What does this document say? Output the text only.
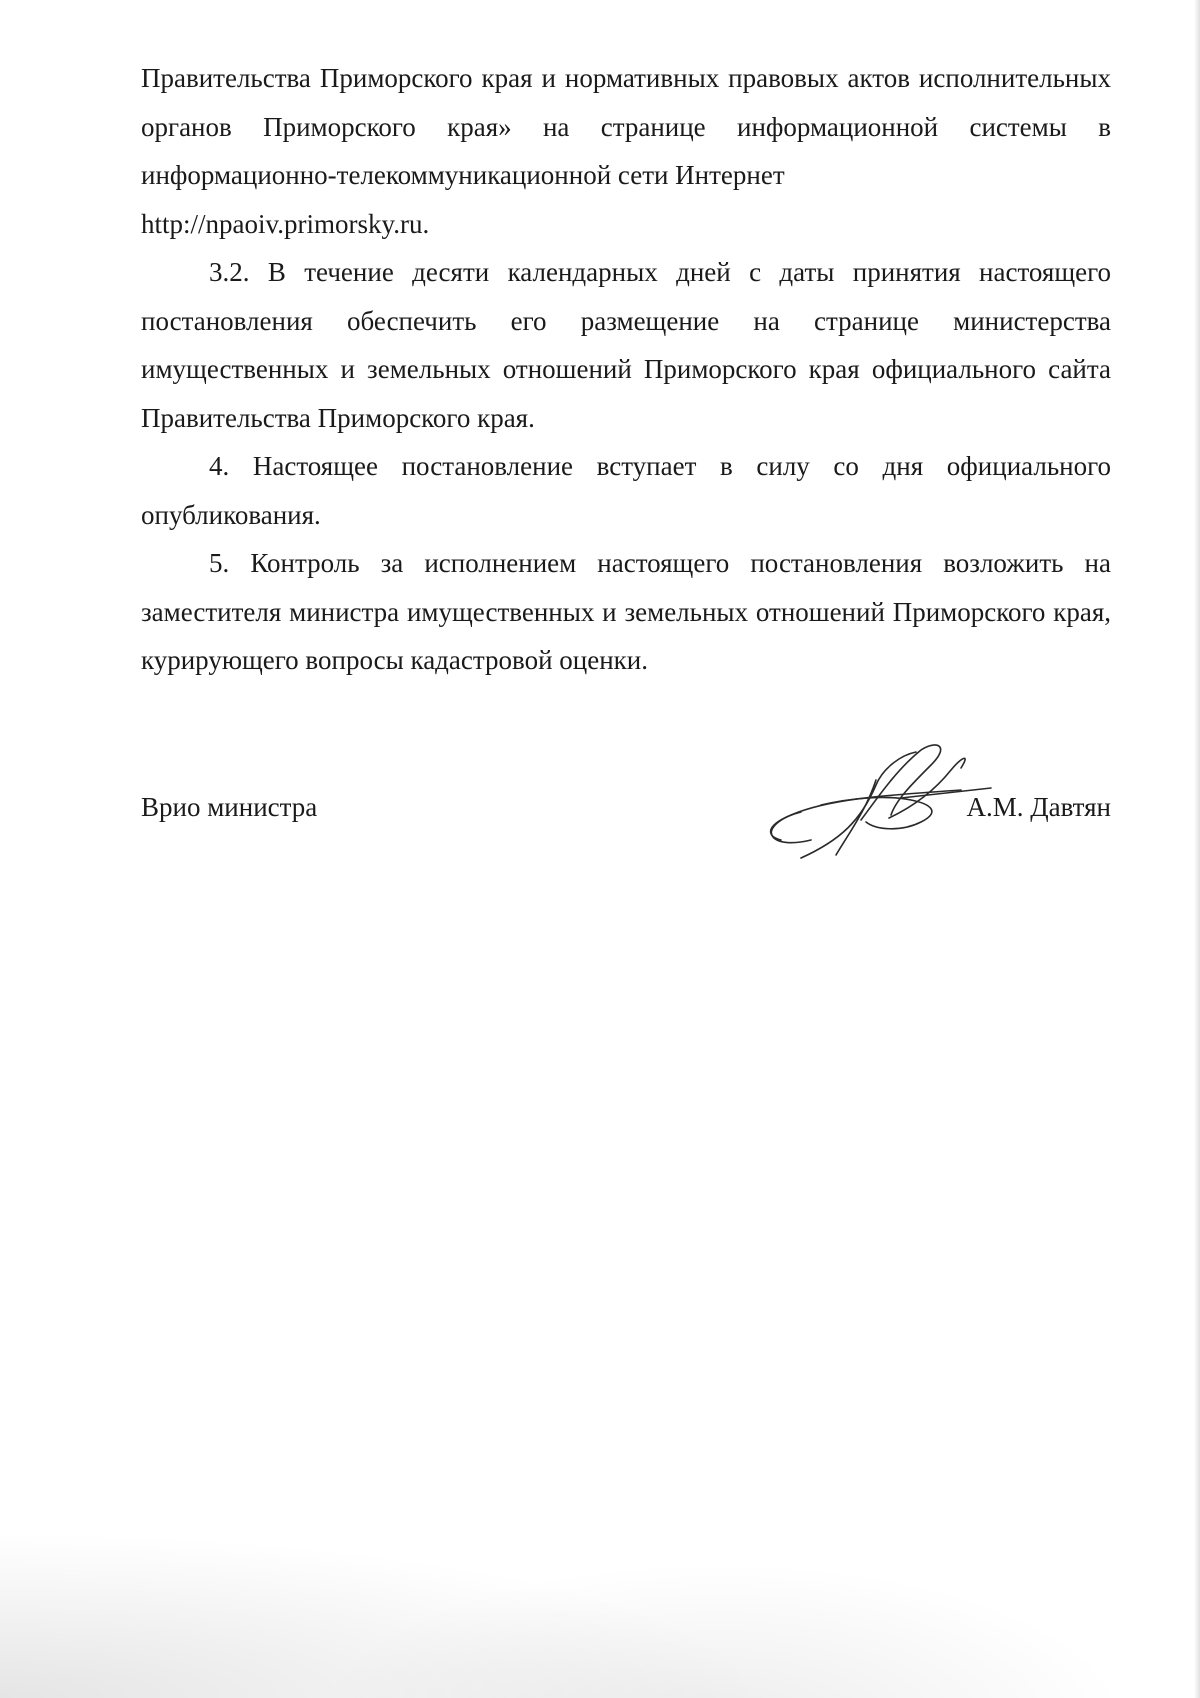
Правительства Приморского края и нормативных правовых актов исполнительных органов Приморского края» на странице информационной системы в информационно-телекоммуникационной сети Интернет

http://npaoiv.primorsky.ru.

3.2. В течение десяти календарных дней с даты принятия настоящего постановления обеспечить его размещение на странице министерства имущественных и земельных отношений Приморского края официального сайта Правительства Приморского края.

4. Настоящее постановление вступает в силу со дня официального опубликования.

5. Контроль за исполнением настоящего постановления возложить на заместителя министра имущественных и земельных отношений Приморского края, курирующего вопросы кадастровой оценки.

Врио министра	А.М. Давтян
